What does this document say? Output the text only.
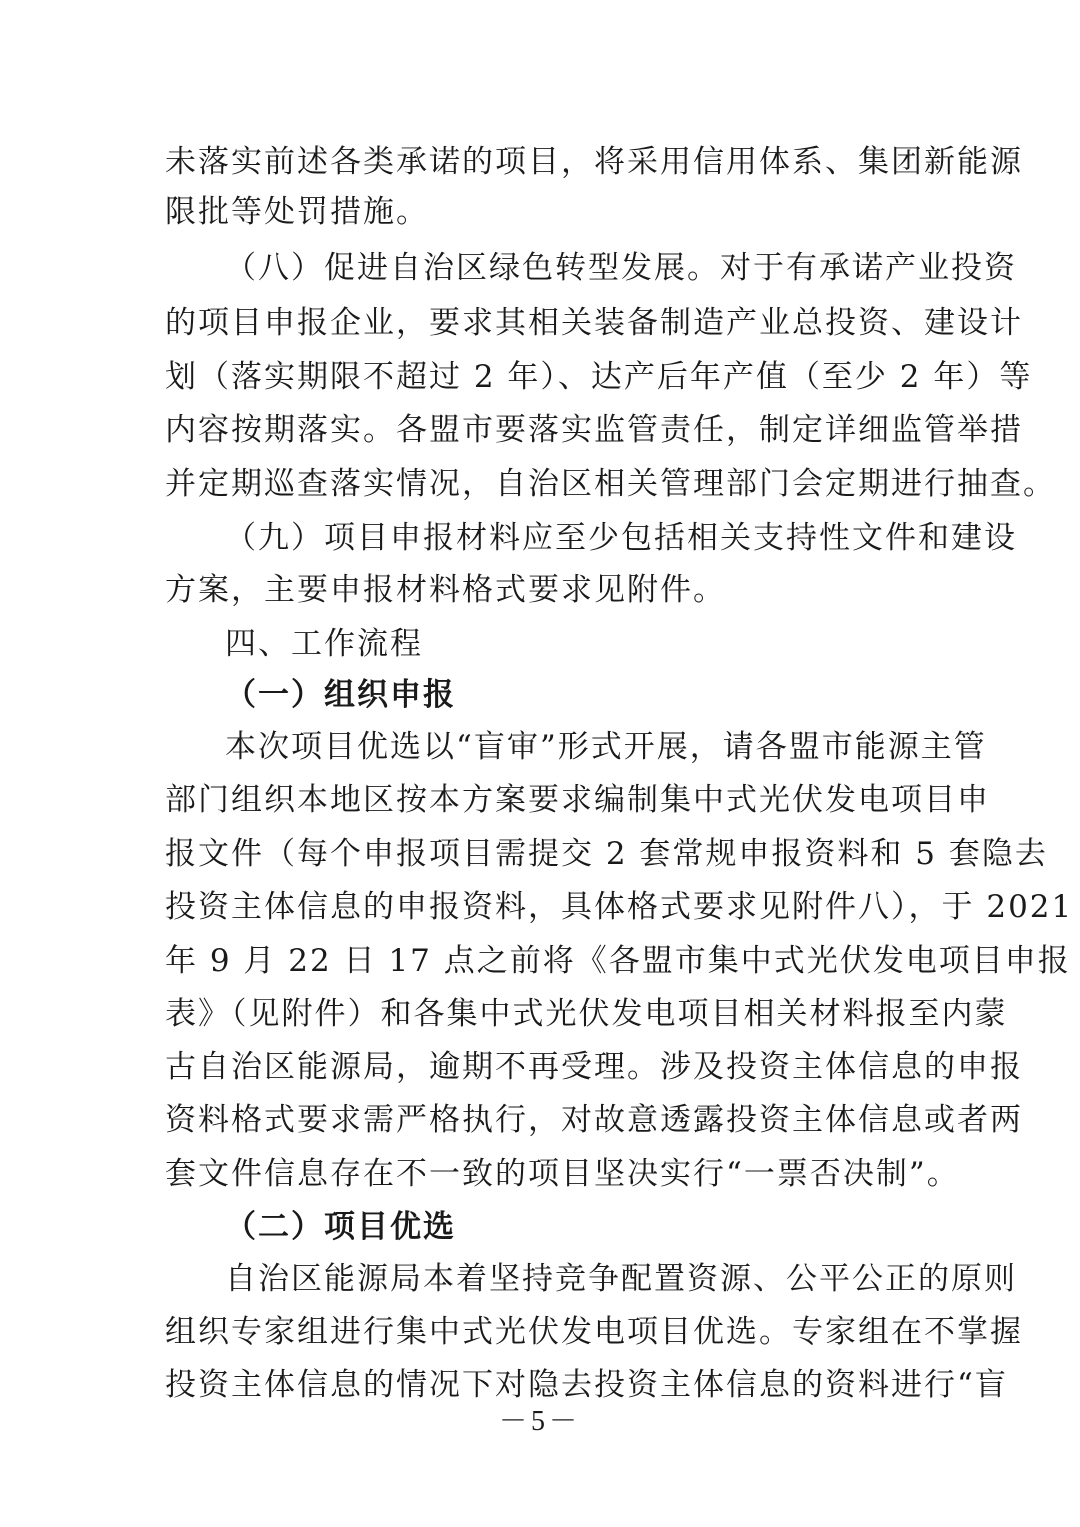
未落实前述各类承诺的项目，将采用信用体系、集团新能源
限批等处罚措施。
（八）促进自治区绿色转型发展。对于有承诺产业投资
的项目申报企业，要求其相关装备制造产业总投资、建设计
划（落实期限不超过 2 年）、达产后年产值（至少 2 年）等
内容按期落实。各盟市要落实监管责任，制定详细监管举措
并定期巡查落实情况，自治区相关管理部门会定期进行抽查。
（九）项目申报材料应至少包括相关支持性文件和建设
方案，主要申报材料格式要求见附件。
四、工作流程
（一）组织申报
本次项目优选以“盲审”形式开展，请各盟市能源主管
部门组织本地区按本方案要求编制集中式光伏发电项目申
报文件（每个申报项目需提交 2 套常规申报资料和 5 套隐去
投资主体信息的申报资料，具体格式要求见附件八），于 2021
年 9 月 22 日 17 点之前将《各盟市集中式光伏发电项目申报
表》（见附件）和各集中式光伏发电项目相关材料报至内蒙
古自治区能源局，逾期不再受理。涉及投资主体信息的申报
资料格式要求需严格执行，对故意透露投资主体信息或者两
套文件信息存在不一致的项目坚决实行“一票否决制”。
（二）项目优选
自治区能源局本着坚持竞争配置资源、公平公正的原则
组织专家组进行集中式光伏发电项目优选。专家组在不掌握
投资主体信息的情况下对隐去投资主体信息的资料进行“盲
－5－
